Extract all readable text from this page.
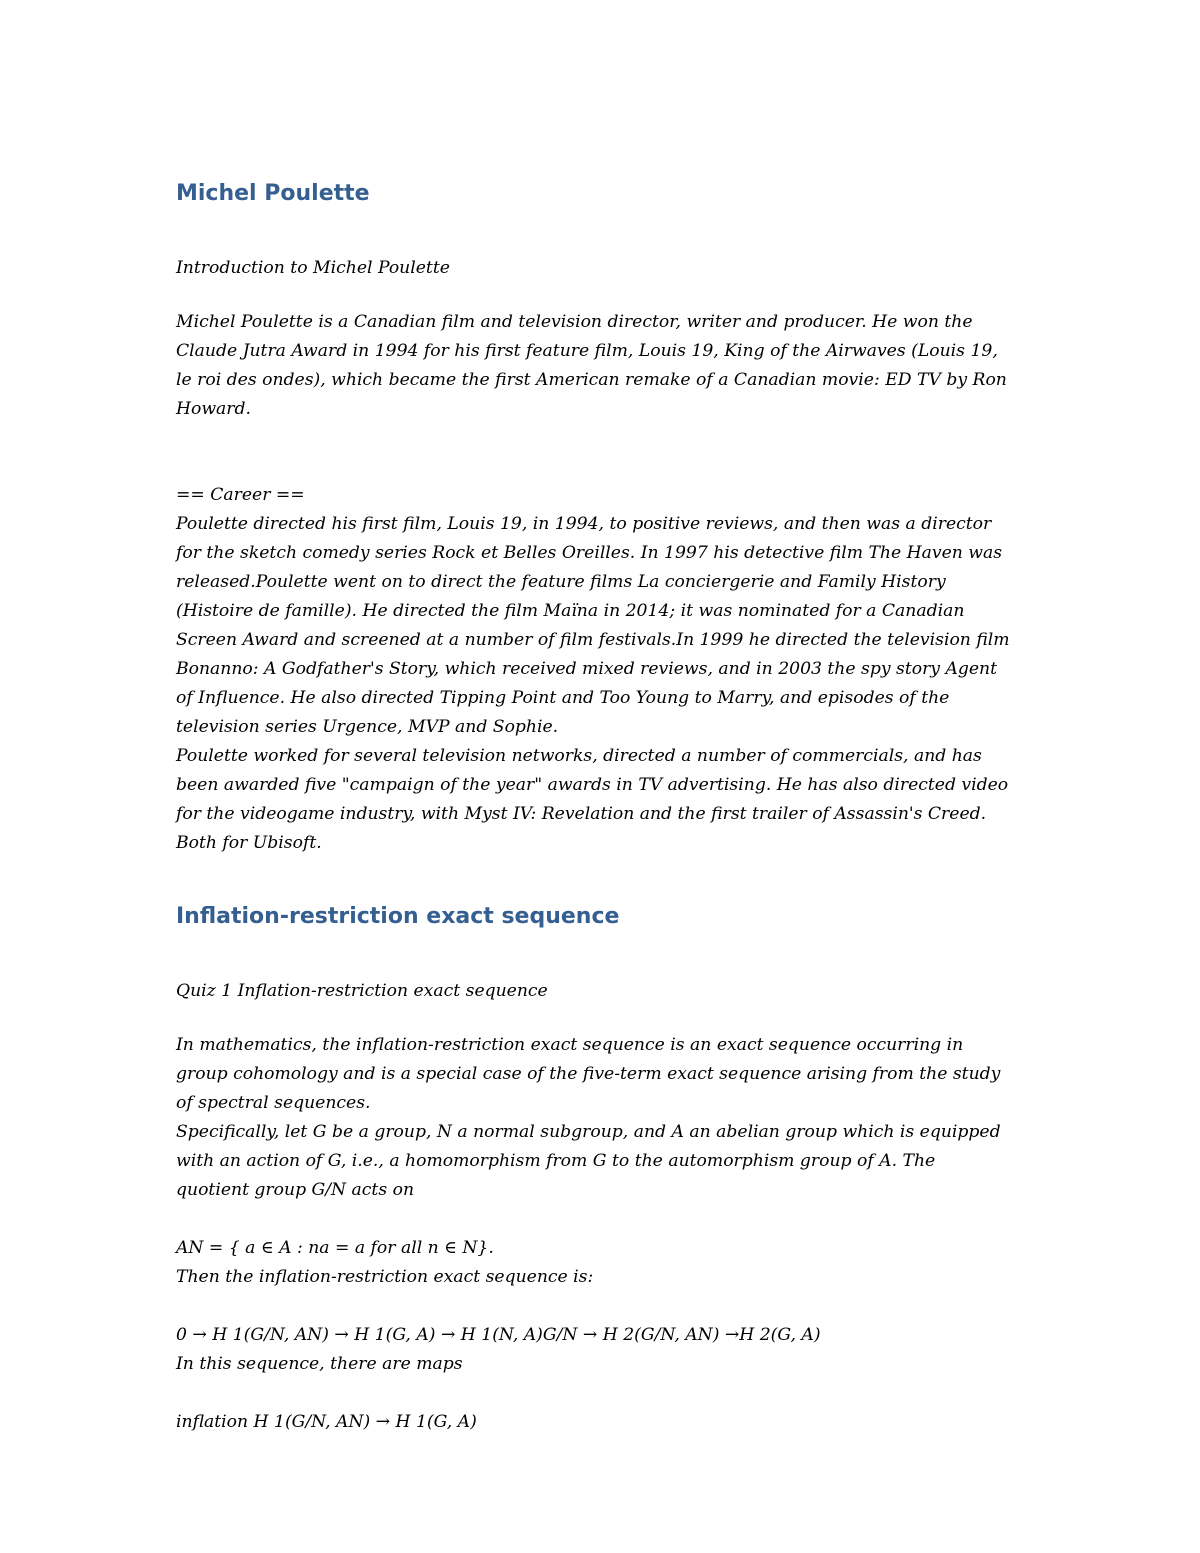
Michel Poulette

Introduction to Michel Poulette

Michel Poulette is a Canadian film and television director, writer and producer. He won the
Claude Jutra Award in 1994 for his first feature film, Louis 19, King of the Airwaves (Louis 19,
le roi des ondes), which became the first American remake of a Canadian movie: ED TV by Ron
Howard.

== Career ==
Poulette directed his first film, Louis 19, in 1994, to positive reviews, and then was a director
for the sketch comedy series Rock et Belles Oreilles. In 1997 his detective film The Haven was
released.Poulette went on to direct the feature films La conciergerie and Family History
(Histoire de famille). He directed the film Maïna in 2014; it was nominated for a Canadian
Screen Award and screened at a number of film festivals.In 1999 he directed the television film
Bonanno: A Godfather's Story, which received mixed reviews, and in 2003 the spy story Agent
of Influence. He also directed Tipping Point and Too Young to Marry, and episodes of the
television series Urgence, MVP and Sophie.
Poulette worked for several television networks, directed a number of commercials, and has
been awarded five "campaign of the year" awards in TV advertising. He has also directed video
for the videogame industry, with Myst IV: Revelation and the first trailer of Assassin's Creed.
Both for Ubisoft.

Inflation-restriction exact sequence

Quiz 1 Inflation-restriction exact sequence

In mathematics, the inflation-restriction exact sequence is an exact sequence occurring in
group cohomology and is a special case of the five-term exact sequence arising from the study
of spectral sequences.
Specifically, let G be a group, N a normal subgroup, and A an abelian group which is equipped
with an action of G, i.e., a homomorphism from G to the automorphism group of A. The
quotient group G/N acts on

AN = { a ∈ A : na = a for all n ∈ N}.
Then the inflation-restriction exact sequence is:

0 → H 1(G/N, AN) → H 1(G, A) → H 1(N, A)G/N → H 2(G/N, AN) →H 2(G, A)
In this sequence, there are maps

inflation H 1(G/N, AN) → H 1(G, A)
